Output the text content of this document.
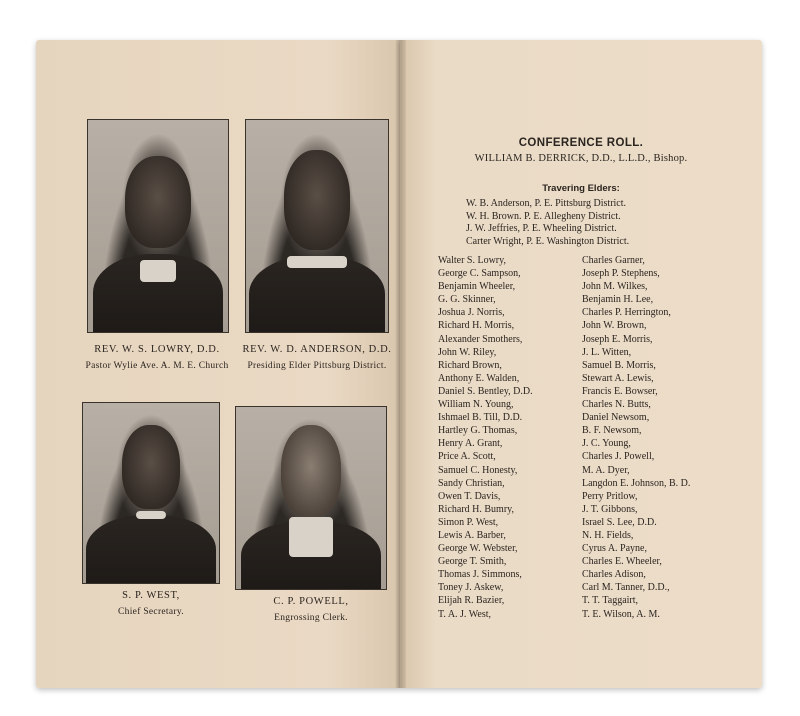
REV. W. S. LOWRY, D.D.
Pastor Wylie Ave. A. M. E. Church
REV. W. D. ANDERSON, D.D.
Presiding Elder Pittsburg District.
S. P. WEST,
Chief Secretary.
C. P. POWELL,
Engrossing Clerk.
CONFERENCE ROLL.
WILLIAM B. DERRICK, D.D., L.L.D., Bishop.
Travering Elders:
W. B. Anderson, P. E. Pittsburg District.
W. H. Brown. P. E. Allegheny District.
J. W. Jeffries, P. E. Wheeling District.
Carter Wright, P. E. Washington District.
Walter S. Lowry,
George C. Sampson,
Benjamin Wheeler,
G. G. Skinner,
Joshua J. Norris,
Richard H. Morris,
Alexander Smothers,
John W. Riley,
Richard Brown,
Anthony E. Walden,
Daniel S. Bentley, D.D.
William N. Young,
Ishmael B. Till, D.D.
Hartley G. Thomas,
Henry A. Grant,
Price A. Scott,
Samuel C. Honesty,
Sandy Christian,
Owen T. Davis,
Richard H. Bumry,
Simon P. West,
Lewis A. Barber,
George W. Webster,
George T. Smith,
Thomas J. Simmons,
Toney J. Askew,
Elijah R. Bazier,
T. A. J. West,
Charles Garner,
Joseph P. Stephens,
John M. Wilkes,
Benjamin H. Lee,
Charles P. Herrington,
John W. Brown,
Joseph E. Morris,
J. L. Witten,
Samuel B. Morris,
Stewart A. Lewis,
Francis E. Bowser,
Charles N. Butts,
Daniel Newsom,
B. F. Newsom,
J. C. Young,
Charles J. Powell,
M. A. Dyer,
Langdon E. Johnson, B. D.
Perry Pritlow,
J. T. Gibbons,
Israel S. Lee, D.D.
N. H. Fields,
Cyrus A. Payne,
Charles E. Wheeler,
Charles Adison,
Carl M. Tanner, D.D.,
T. T. Taggairt,
T. E. Wilson, A. M.
